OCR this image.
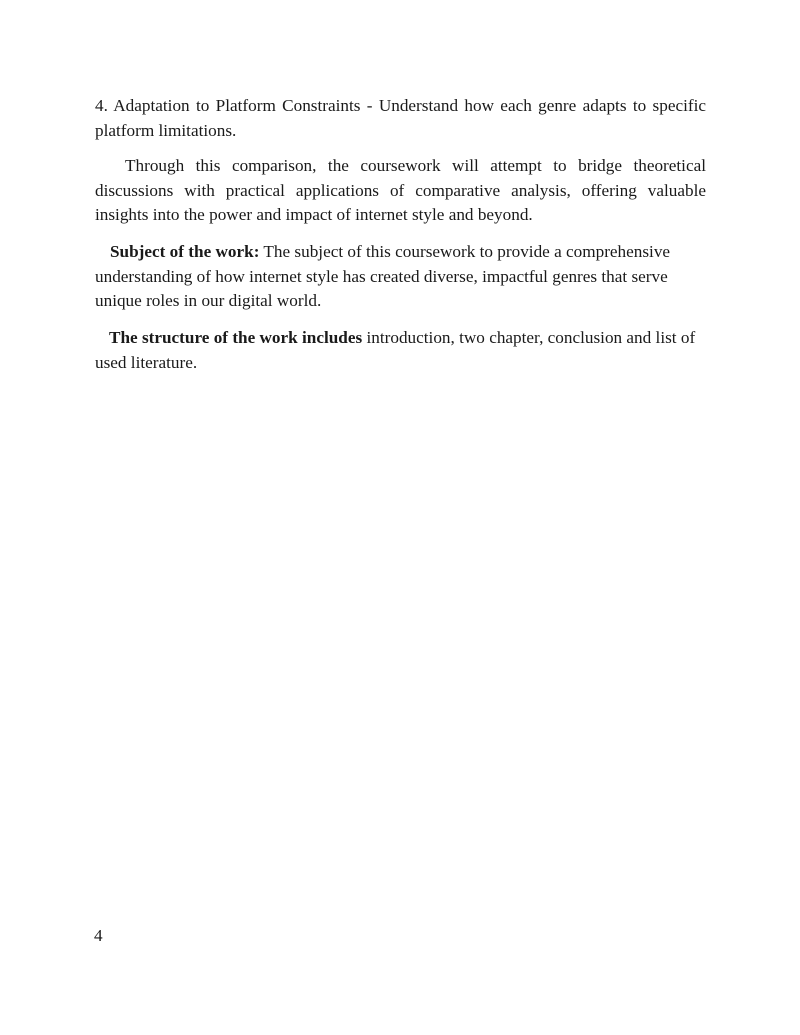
4. Adaptation to Platform Constraints - Understand how each genre adapts to specific platform limitations.

Through this comparison, the coursework will attempt to bridge theoretical discussions with practical applications of comparative analysis, offering valuable insights into the power and impact of internet style and beyond.

Subject of the work: The subject of this coursework to provide a comprehensive understanding of how internet style has created diverse, impactful genres that serve unique roles in our digital world.

The structure of the work includes introduction, two chapter, conclusion and list of used literature.

4
